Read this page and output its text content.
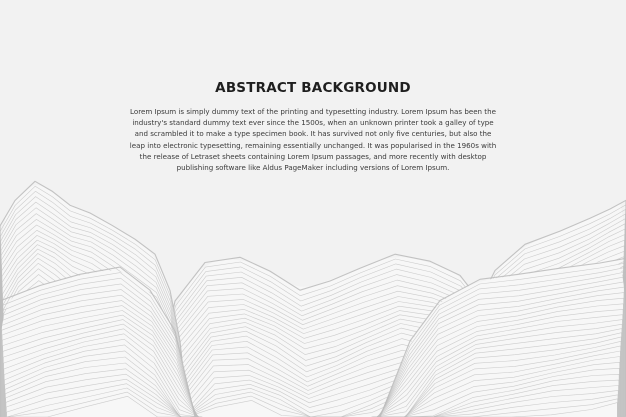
ABSTRACT BACKGROUND

Lorem Ipsum is simply dummy text of the printing and typesetting industry. Lorem Ipsum has been the industry's standard dummy text ever since the 1500s, when an unknown printer took a galley of type and scrambled it to make a type specimen book. It has survived not only five centuries, but also the leap into electronic typesetting, remaining essentially unchanged. It was popularised in the 1960s with the release of Letraset sheets containing Lorem Ipsum passages, and more recently with desktop publishing software like Aldus PageMaker including versions of Lorem Ipsum.
